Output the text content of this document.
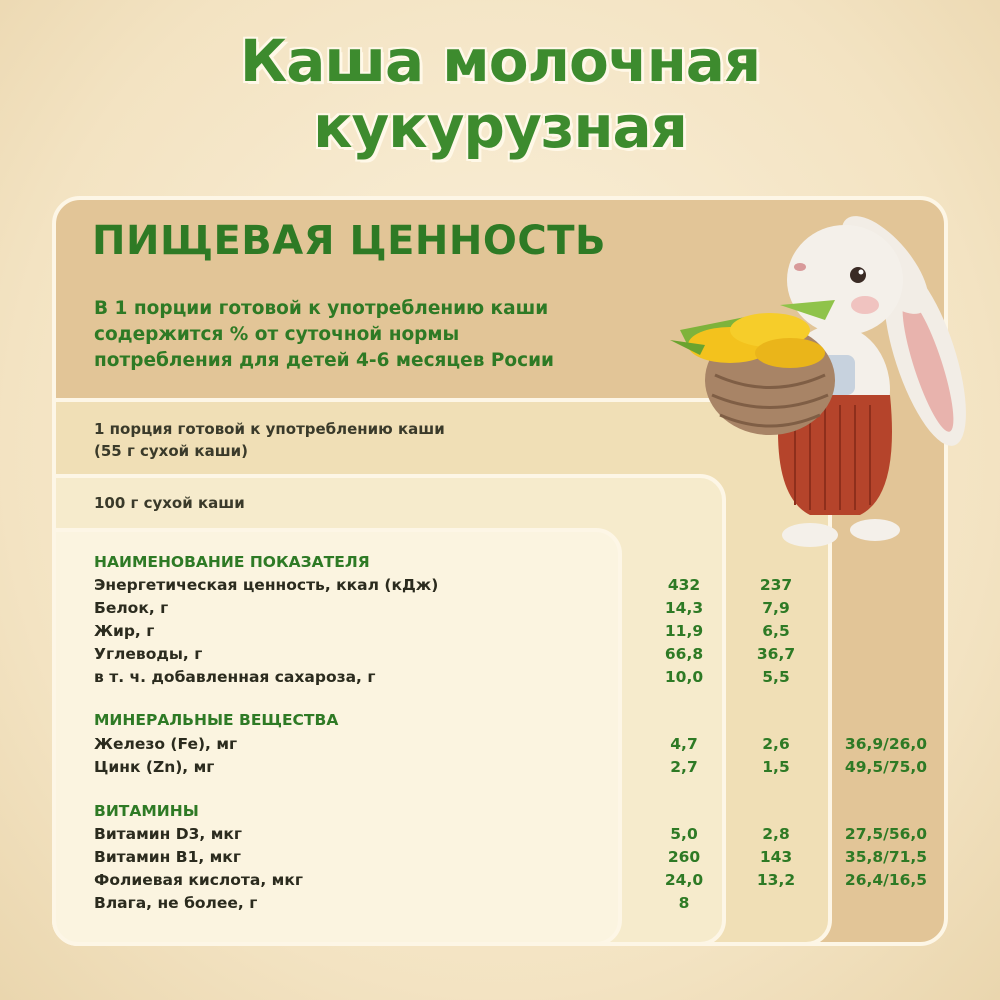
Каша молочная
кукурузная
ПИЩЕВАЯ ЦЕННОСТЬ
В 1 порции готовой к употреблению каши
содержится % от суточной нормы
потребления для детей 4-6 месяцев Росии
1 порция готовой к употреблению каши
(55 г сухой каши)
100 г сухой каши
Энергетическая ценность, ккал (кДж)	432	237
Белок, г	14,3	7,9
Жир, г	11,9	6,5
Углеводы, г	66,8	36,7
в т. ч. добавленная сахароза, г	10,0	5,5
Железо (Fe), мг	4,7	2,6	36,9/26,0
Цинк (Zn), мг	2,7	1,5	49,5/75,0
Витамин D3, мкг	5,0	2,8	27,5/56,0
Витамин B1, мкг	260	143	35,8/71,5
Фолиевая кислота, мкг	24,0	13,2	26,4/16,5
Влага, не более, г	8
НАИМЕНОВАНИЕ ПОКАЗАТЕЛЯ
МИНЕРАЛЬНЫЕ ВЕЩЕСТВА
ВИТАМИНЫ
